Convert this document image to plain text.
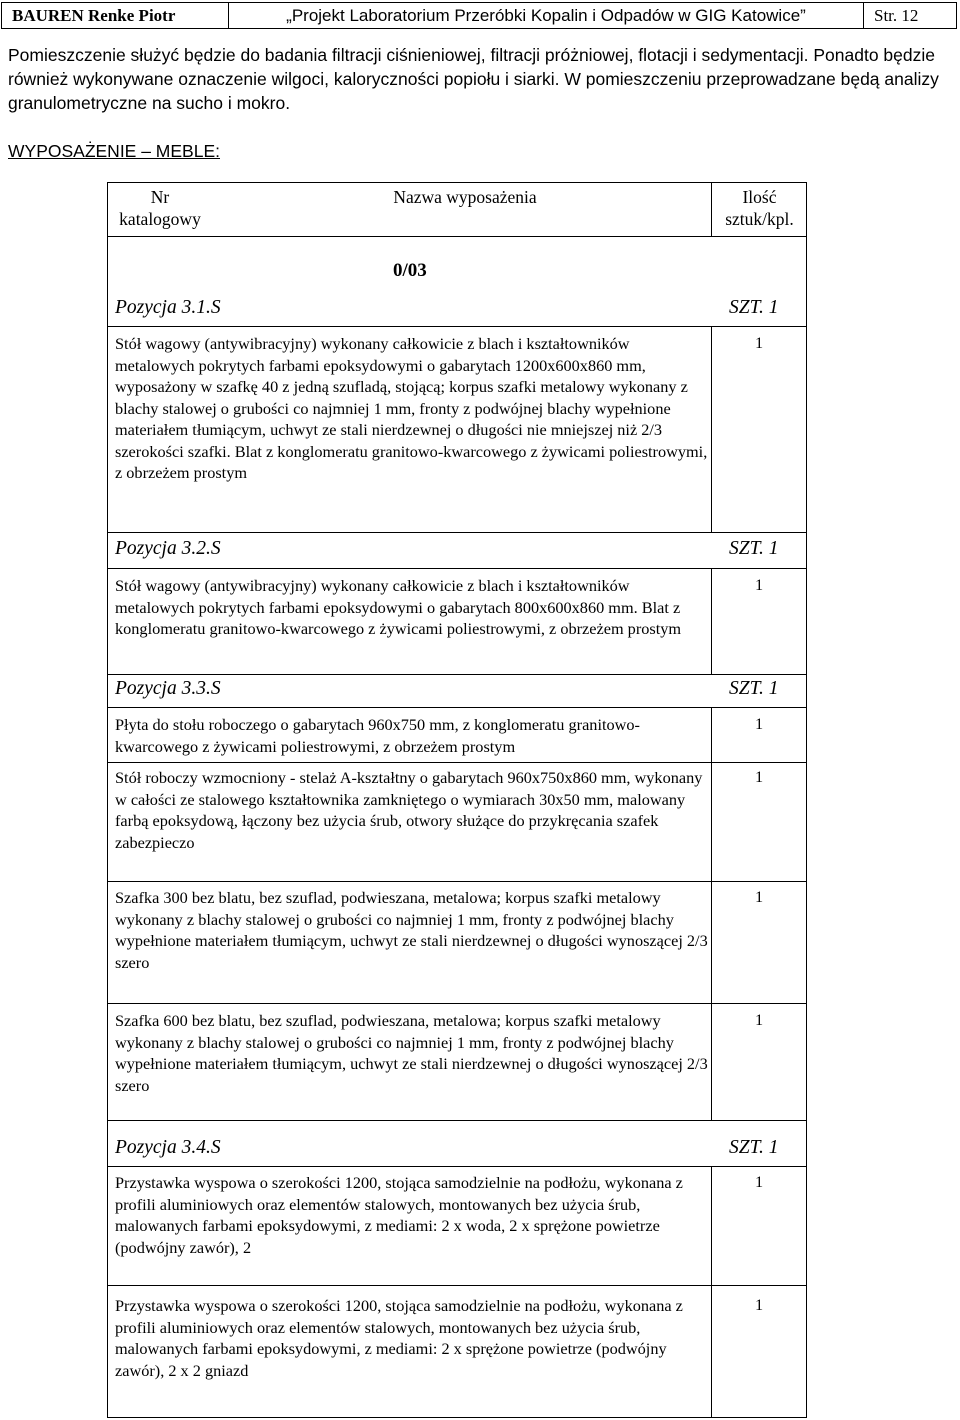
BAUREN Renke Piotr	„Projekt Laboratorium Przeróbki Kopalin i Odpadów w GIG Katowice”	Str. 12
Pomieszczenie służyć będzie do badania filtracji ciśnieniowej, filtracji próżniowej, flotacji i sedymentacji. Ponadto będzie również wykonywane oznaczenie wilgoci, kaloryczności popiołu i siarki. W pomieszczeniu przeprowadzane będą analizy granulometryczne na sucho i mokro.
WYPOSAŻENIE – MEBLE:
Nr
katalogowy
Nazwa wyposażenia	Ilość
sztuk/kpl.
0/03
Pozycja 3.1.S	SZT. 1
Stół wagowy (antywibracyjny) wykonany całkowicie z blach i kształtowników metalowych pokrytych farbami epoksydowymi o gabarytach 1200x600x860 mm, wyposażony w szafkę 40 z jedną szufladą, stojącą; korpus szafki metalowy wykonany z blachy stalowej o grubości co najmniej 1 mm, fronty z podwójnej blachy wypełnione materiałem tłumiącym, uchwyt ze stali nierdzewnej o długości nie mniejszej niż 2/3 szerokości szafki. Blat z konglomeratu granitowo-kwarcowego z żywicami poliestrowymi, z obrzeżem prostym
1
Pozycja 3.2.S	SZT. 1
Stół wagowy (antywibracyjny) wykonany całkowicie z blach i kształtowników metalowych pokrytych farbami epoksydowymi o gabarytach 800x600x860 mm. Blat z konglomeratu granitowo-kwarcowego z żywicami poliestrowymi, z obrzeżem prostym
1
Pozycja 3.3.S	SZT. 1
Płyta do stołu roboczego o gabarytach 960x750 mm, z konglomeratu granitowo-kwarcowego z żywicami poliestrowymi, z obrzeżem prostym
1
Stół roboczy wzmocniony - stelaż A-kształtny o gabarytach 960x750x860 mm, wykonany w całości ze stalowego kształtownika zamkniętego o wymiarach 30x50 mm, malowany farbą epoksydową, łączony bez użycia śrub, otwory służące do przykręcania szafek zabezpiecz​o
1
Szafka 300 bez blatu, bez szuflad, podwieszana, metalowa; korpus szafki metalowy wykonany z blachy stalowej o grubości co najmniej 1 mm, fronty z podwójnej blachy wypełnione materiałem tłumiącym, uchwyt ze stali nierdzewnej o długości wynoszącej 2/3 szero
1
Szafka 600 bez blatu, bez szuflad, podwieszana, metalowa; korpus szafki metalowy wykonany z blachy stalowej o grubości co najmniej 1 mm, fronty z podwójnej blachy wypełnione materiałem tłumiącym, uchwyt ze stali nierdzewnej o długości wynoszącej 2/3 szero
1
Pozycja 3.4.S	SZT. 1
Przystawka wyspowa o szerokości 1200, stojąca samodzielnie na podłożu, wykonana z profili aluminiowych oraz elementów stalowych, montowanych bez użycia śrub, malowanych farbami epoksydowymi, z mediami: 2 x woda, 2 x sprężone powietrze (podwójny zawór), 2
1
Przystawka wyspowa o szerokości 1200, stojąca samodzielnie na podłożu, wykonana z profili aluminiowych oraz elementów stalowych, montowanych bez użycia śrub, malowanych farbami epoksydowymi, z mediami: 2 x sprężone powietrze (podwójny zawór), 2 x 2 gniazd
1
